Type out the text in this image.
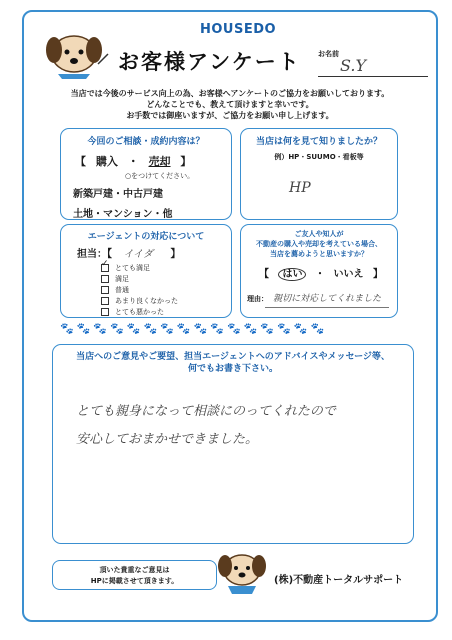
HOUSEDO
お客様アンケート お名前
S.Y
当店では今後のサービス向上の為、お客様へアンケートのご協力をお願いしております。
どんなことでも、教えて頂けますと幸いです。
お手数では御座いますが、ご協力をお願い申し上げます。
今回のご相談・成約内容は？
【 購入 ・ 売却 】
○をつけてください。
新築戸建・中古戸建
土地・マンション・他
当店は何を見て知りましたか？
例）HP・SUUMO・看板等
HP
エージェントの対応について
担当：【 イイダ 】
✓ とても満足
満足
普通
あまり良くなかった
とても悪かった
ご友人や知人が
不動産の購入や売却を考えている場合、
当店を薦めようと思いますか？
【 はい ・ いいえ 】
理由： 親切に対応してくれました
🐾🐾🐾🐾🐾🐾🐾🐾🐾🐾🐾🐾🐾🐾🐾🐾
当店へのご意見やご要望、担当エージェントへのアドバイスやメッセージ等、
何でもお書き下さい。
とても親身になって相談にのってくれたので
安心しておまかせできました。
頂いた貴重なご意見は
HPに掲載させて頂きます。	(株)不動産トータルサポート
